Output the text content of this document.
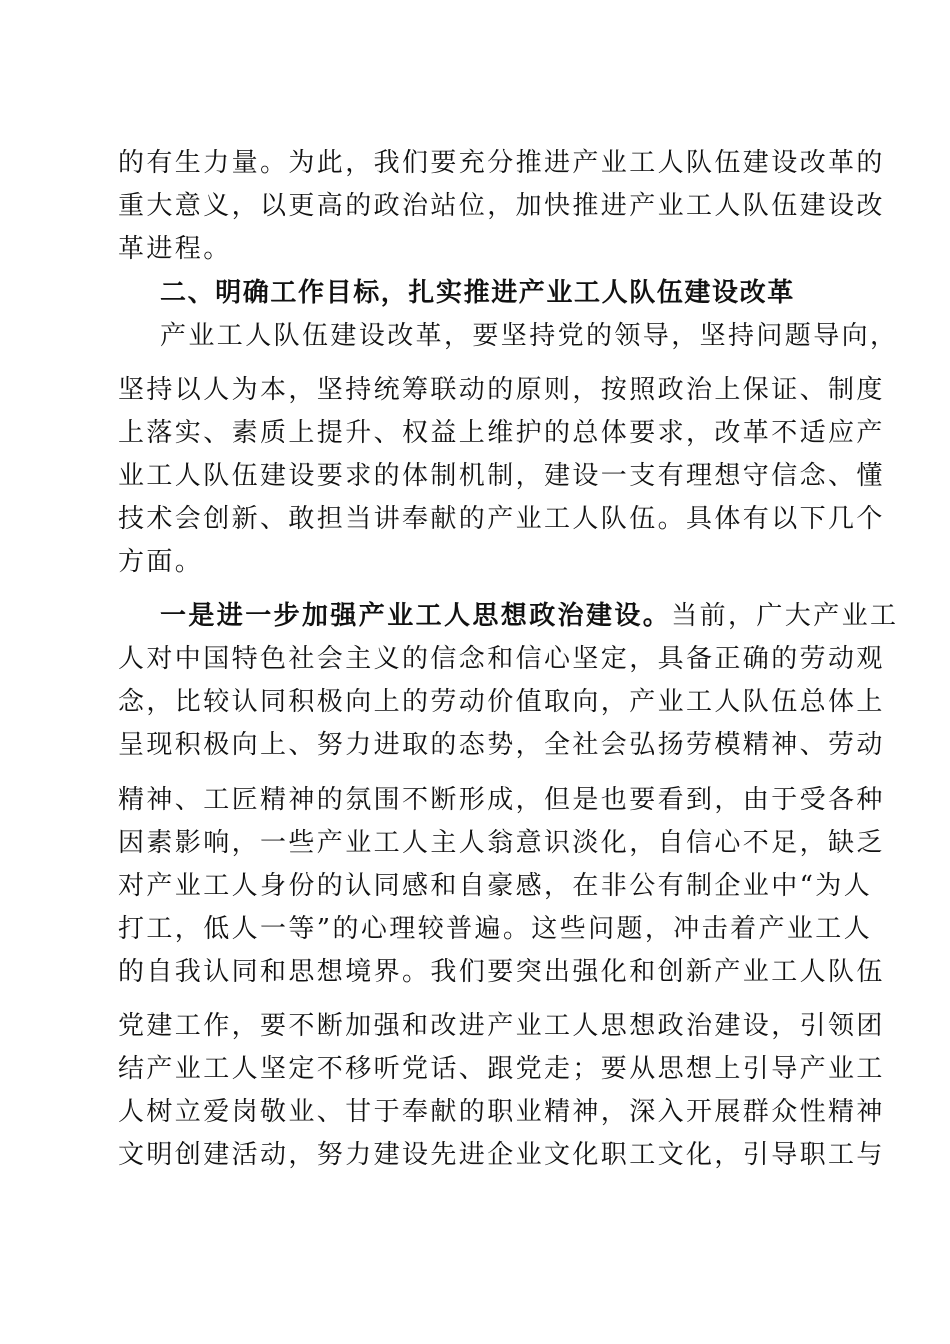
的有生力量。为此，我们要充分推进产业工人队伍建设改革的
重大意义，以更高的政治站位，加快推进产业工人队伍建设改
革进程。
二、明确工作目标，扎实推进产业工人队伍建设改革
产业工人队伍建设改革，要坚持党的领导，坚持问题导向，
坚持以人为本，坚持统筹联动的原则，按照政治上保证、制度
上落实、素质上提升、权益上维护的总体要求，改革不适应产
业工人队伍建设要求的体制机制，建设一支有理想守信念、懂
技术会创新、敢担当讲奉献的产业工人队伍。具体有以下几个
方面。
一是进一步加强产业工人思想政治建设。当前，广大产业工
人对中国特色社会主义的信念和信心坚定，具备正确的劳动观
念，比较认同积极向上的劳动价值取向，产业工人队伍总体上
呈现积极向上、努力进取的态势，全社会弘扬劳模精神、劳动
精神、工匠精神的氛围不断形成，但是也要看到，由于受各种
因素影响，一些产业工人主人翁意识淡化，自信心不足，缺乏
对产业工人身份的认同感和自豪感，在非公有制企业中“为人
打工，低人一等”的心理较普遍。这些问题，冲击着产业工人
的自我认同和思想境界。我们要突出强化和创新产业工人队伍
党建工作，要不断加强和改进产业工人思想政治建设，引领团
结产业工人坚定不移听党话、跟党走；要从思想上引导产业工
人树立爱岗敬业、甘于奉献的职业精神，深入开展群众性精神
文明创建活动，努力建设先进企业文化职工文化，引导职工与
